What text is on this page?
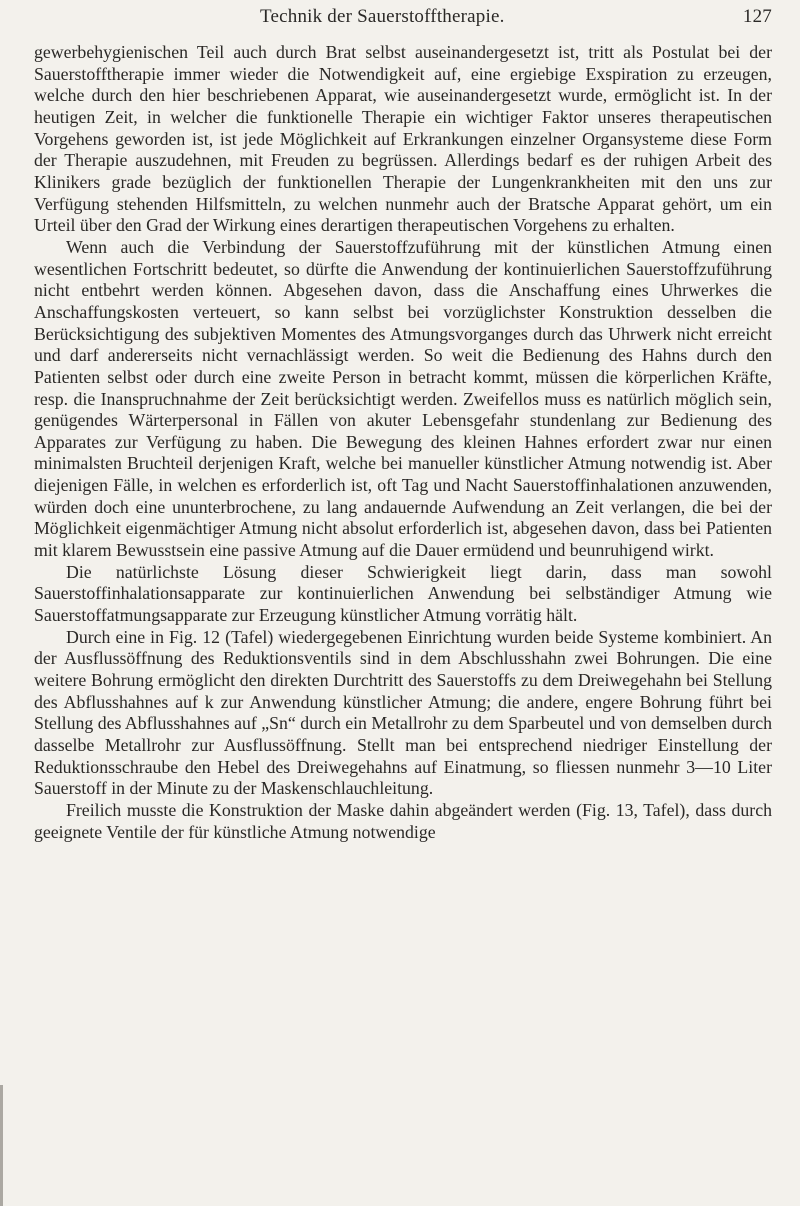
Technik der Sauerstofftherapie.	127

gewerbehygienischen Teil auch durch Brat selbst auseinandergesetzt ist, tritt als Postulat bei der Sauerstofftherapie immer wieder die Notwendigkeit auf, eine ergiebige Exspiration zu erzeugen, welche durch den hier beschriebenen Apparat, wie auseinandergesetzt wurde, ermöglicht ist. In der heutigen Zeit, in welcher die funktionelle Therapie ein wichtiger Faktor unseres therapeutischen Vorgehens geworden ist, ist jede Möglichkeit auf Erkrankungen einzelner Organsysteme diese Form der Therapie auszudehnen, mit Freuden zu begrüssen. Allerdings bedarf es der ruhigen Arbeit des Klinikers grade bezüglich der funktionellen Therapie der Lungenkrankheiten mit den uns zur Verfügung stehenden Hilfsmitteln, zu welchen nunmehr auch der Bratsche Apparat gehört, um ein Urteil über den Grad der Wirkung eines derartigen therapeutischen Vorgehens zu erhalten.

Wenn auch die Verbindung der Sauerstoffzuführung mit der künstlichen Atmung einen wesentlichen Fortschritt bedeutet, so dürfte die Anwendung der kontinuierlichen Sauerstoffzuführung nicht entbehrt werden können. Abgesehen davon, dass die Anschaffung eines Uhrwerkes die Anschaffungskosten verteuert, so kann selbst bei vorzüglichster Konstruktion desselben die Berücksichtigung des subjektiven Momentes des Atmungsvorganges durch das Uhrwerk nicht erreicht und darf andererseits nicht vernachlässigt werden. So weit die Bedienung des Hahns durch den Patienten selbst oder durch eine zweite Person in betracht kommt, müssen die körperlichen Kräfte, resp. die Inanspruchnahme der Zeit berücksichtigt werden. Zweifellos muss es natürlich möglich sein, genügendes Wärterpersonal in Fällen von akuter Lebensgefahr stundenlang zur Bedienung des Apparates zur Verfügung zu haben. Die Bewegung des kleinen Hahnes erfordert zwar nur einen minimalsten Bruchteil derjenigen Kraft, welche bei manueller künstlicher Atmung notwendig ist. Aber diejenigen Fälle, in welchen es erforderlich ist, oft Tag und Nacht Sauerstoffinhalationen anzuwenden, würden doch eine ununterbrochene, zu lang andauernde Aufwendung an Zeit verlangen, die bei der Möglichkeit eigenmächtiger Atmung nicht absolut erforderlich ist, abgesehen davon, dass bei Patienten mit klarem Bewusstsein eine passive Atmung auf die Dauer ermüdend und beunruhigend wirkt.

Die natürlichste Lösung dieser Schwierigkeit liegt darin, dass man sowohl Sauerstoffinhalationsapparate zur kontinuierlichen Anwendung bei selbständiger Atmung wie Sauerstoffatmungsapparate zur Erzeugung künstlicher Atmung vorrätig hält.

Durch eine in Fig. 12 (Tafel) wiedergegebenen Einrichtung wurden beide Systeme kombiniert. An der Ausflussöffnung des Reduktionsventils sind in dem Abschlusshahn zwei Bohrungen. Die eine weitere Bohrung ermöglicht den direkten Durchtritt des Sauerstoffs zu dem Dreiwegehahn bei Stellung des Abflusshahnes auf k zur Anwendung künstlicher Atmung; die andere, engere Bohrung führt bei Stellung des Abflusshahnes auf „Sn“ durch ein Metallrohr zu dem Sparbeutel und von demselben durch dasselbe Metallrohr zur Ausflussöffnung. Stellt man bei entsprechend niedriger Einstellung der Reduktionsschraube den Hebel des Dreiwegehahns auf Einatmung, so fliessen nunmehr 3—10 Liter Sauerstoff in der Minute zu der Maskenschlauchleitung.

Freilich musste die Konstruktion der Maske dahin abgeändert werden (Fig. 13, Tafel), dass durch geeignete Ventile der für künstliche Atmung notwendige
